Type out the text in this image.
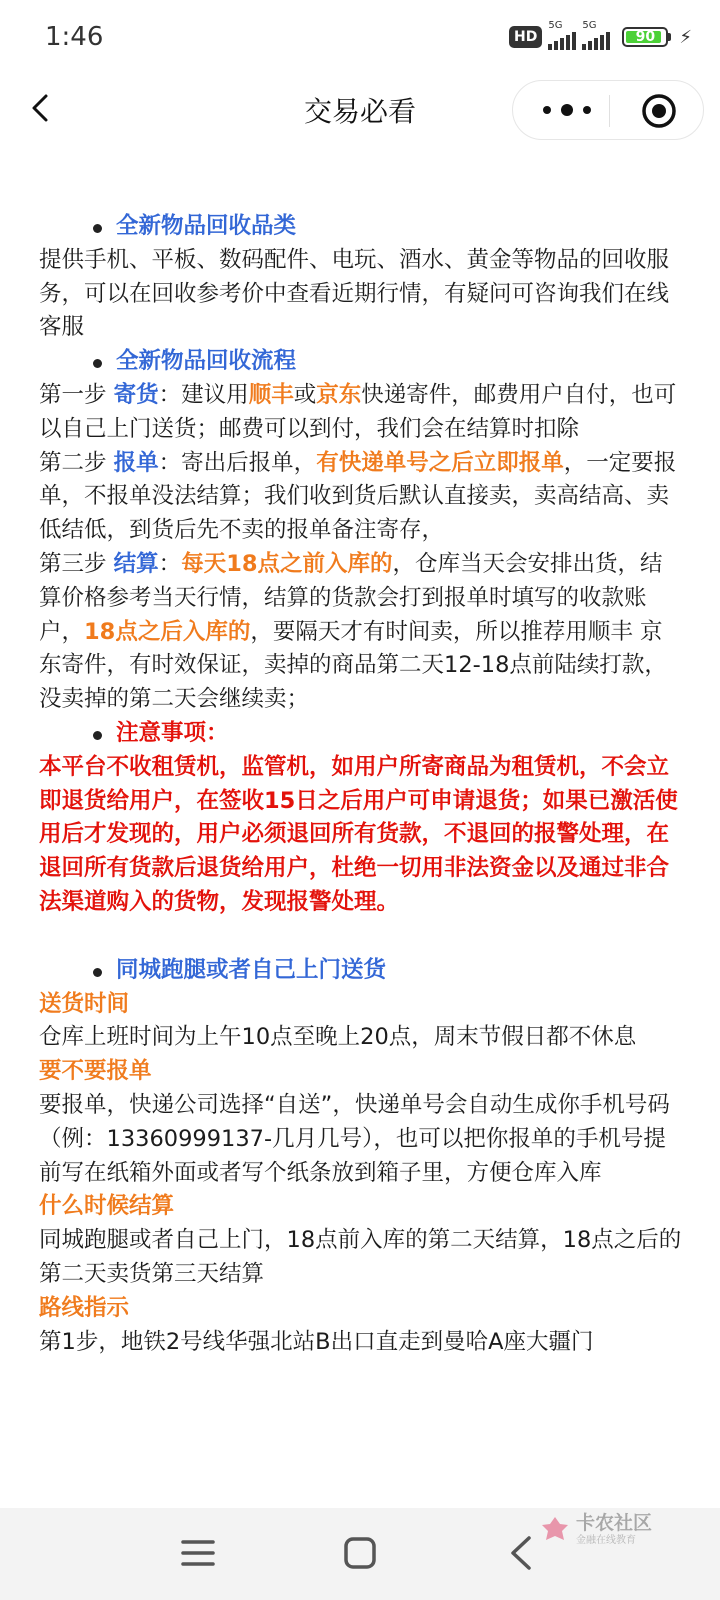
1:46	HD
5G 5G
90	⚡
交易必看

全新物品回收品类

提供手机、平板、数码配件、电玩、酒水、黄金等物品的回收服务，可以在回收参考价中查看近期行情，有疑问可咨询我们在线客服

全新物品回收流程

第一步 寄货：建议用顺丰或京东快递寄件，邮费用户自付，也可以自己上门送货；邮费可以到付，我们会在结算时扣除

第二步 报单：寄出后报单，有快递单号之后立即报单，一定要报单，不报单没法结算；我们收到货后默认直接卖，卖高结高、卖低结低，到货后先不卖的报单备注寄存，

第三步 结算：每天18点之前入库的，仓库当天会安排出货，结算价格参考当天行情，结算的货款会打到报单时填写的收款账户，18点之后入库的，要隔天才有时间卖，所以推荐用顺丰 京东寄件，有时效保证，卖掉的商品第二天12-18点前陆续打款，没卖掉的第二天会继续卖；

注意事项：

本平台不收租赁机，监管机，如用户所寄商品为租赁机，不会立即退货给用户，在签收15日之后用户可申请退货；如果已激活使用后才发现的，用户必须退回所有货款，不退回的报警处理，在退回所有货款后退货给用户，杜绝一切用非法资金以及通过非合法渠道购入的货物，发现报警处理。

同城跑腿或者自己上门送货

送货时间

仓库上班时间为上午10点至晚上20点，周末节假日都不休息

要不要报单

要报单，快递公司选择“自送”，快递单号会自动生成你手机号码（例：13360999137-几月几号），也可以把你报单的手机号提前写在纸箱外面或者写个纸条放到箱子里，方便仓库入库

什么时候结算

同城跑腿或者自己上门，18点前入库的第二天结算，18点之后的第二天卖货第三天结算

路线指示

第1步，地铁2号线华强北站B出口直走到曼哈A座大疆门

卡农社区
金融在线教育
